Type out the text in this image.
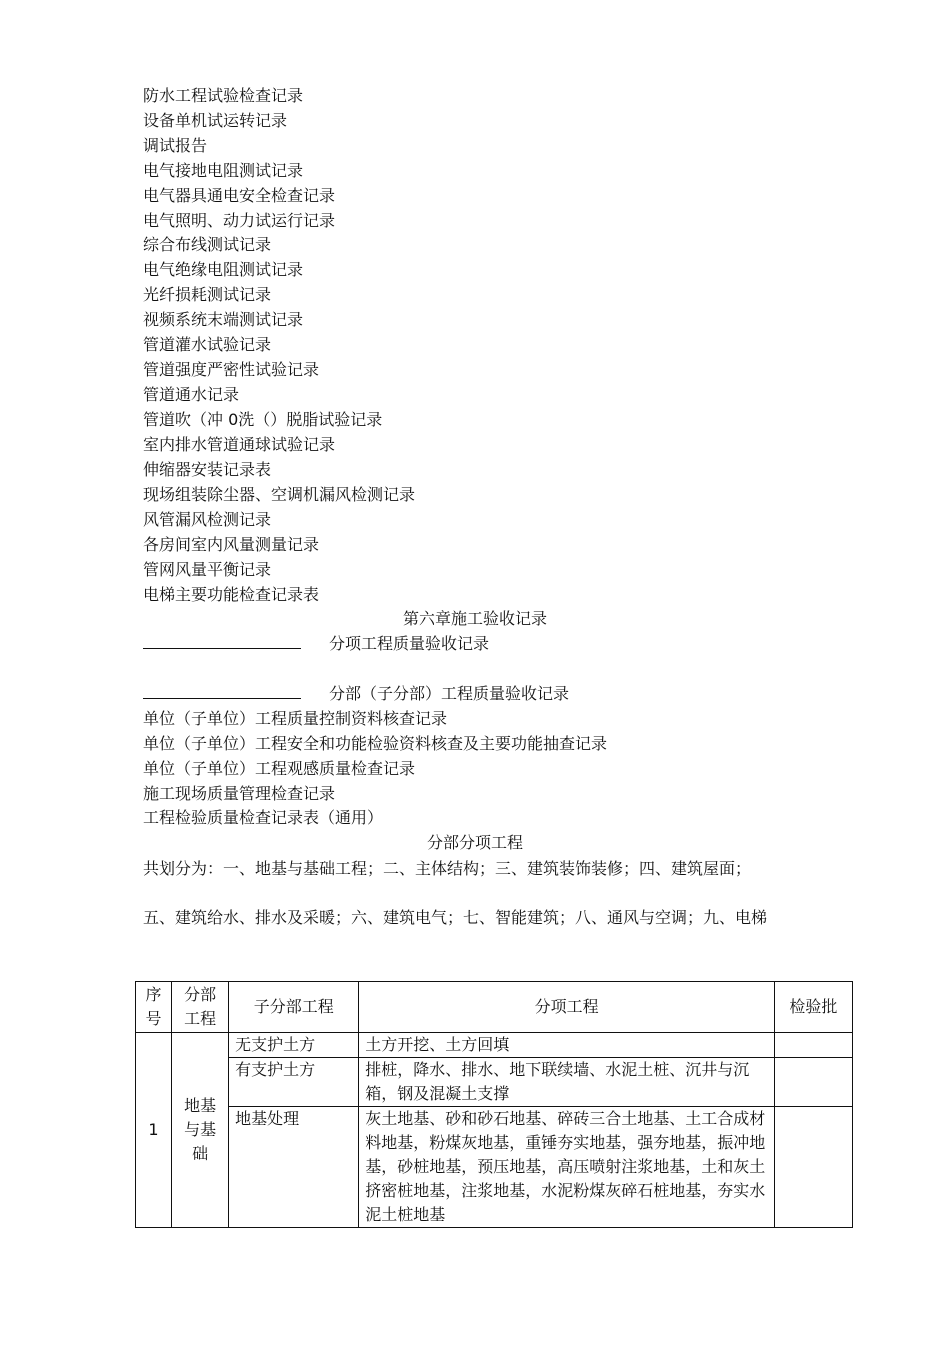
防水工程试验检查记录
设备单机试运转记录
调试报告
电气接地电阻测试记录
电气器具通电安全检查记录
电气照明、动力试运行记录
综合布线测试记录
电气绝缘电阻测试记录
光纤损耗测试记录
视频系统末端测试记录
管道灌水试验记录
管道强度严密性试验记录
管道通水记录
管道吹（冲 0洗（）脱脂试验记录
室内排水管道通球试验记录
伸缩器安装记录表
现场组装除尘器、空调机漏风检测记录
风管漏风检测记录
各房间室内风量测量记录
管网风量平衡记录
电梯主要功能检查记录表
第六章施工验收记录
分项工程质量验收记录
分部（子分部）工程质量验收记录
单位（子单位）工程质量控制资料核查记录
单位（子单位）工程安全和功能检验资料核查及主要功能抽查记录
单位（子单位）工程观感质量检查记录
施工现场质量管理检查记录
工程检验质量检查记录表（通用）
分部分项工程
共划分为：一、地基与基础工程；二、主体结构；三、建筑装饰装修；四、建筑屋面；
五、建筑给水、排水及采暖；六、建筑电气；七、智能建筑；八、通风与空调；九、电梯
序号	分部工程	子分部工程	分项工程	检验批
1	地基与基础	无支护土方	土方开挖、土方回填	
		有支护土方	排桩，降水、排水、地下联续墙、水泥土桩、沉井与沉箱，钢及混凝土支撑	
		地基处理	灰土地基、砂和砂石地基、碎砖三合土地基、土工合成材料地基，粉煤灰地基，重锤夯实地基，强夯地基，振冲地基，砂桩地基，预压地基，高压喷射注浆地基，土和灰土挤密桩地基，注浆地基，水泥粉煤灰碎石桩地基，夯实水泥土桩地基	
